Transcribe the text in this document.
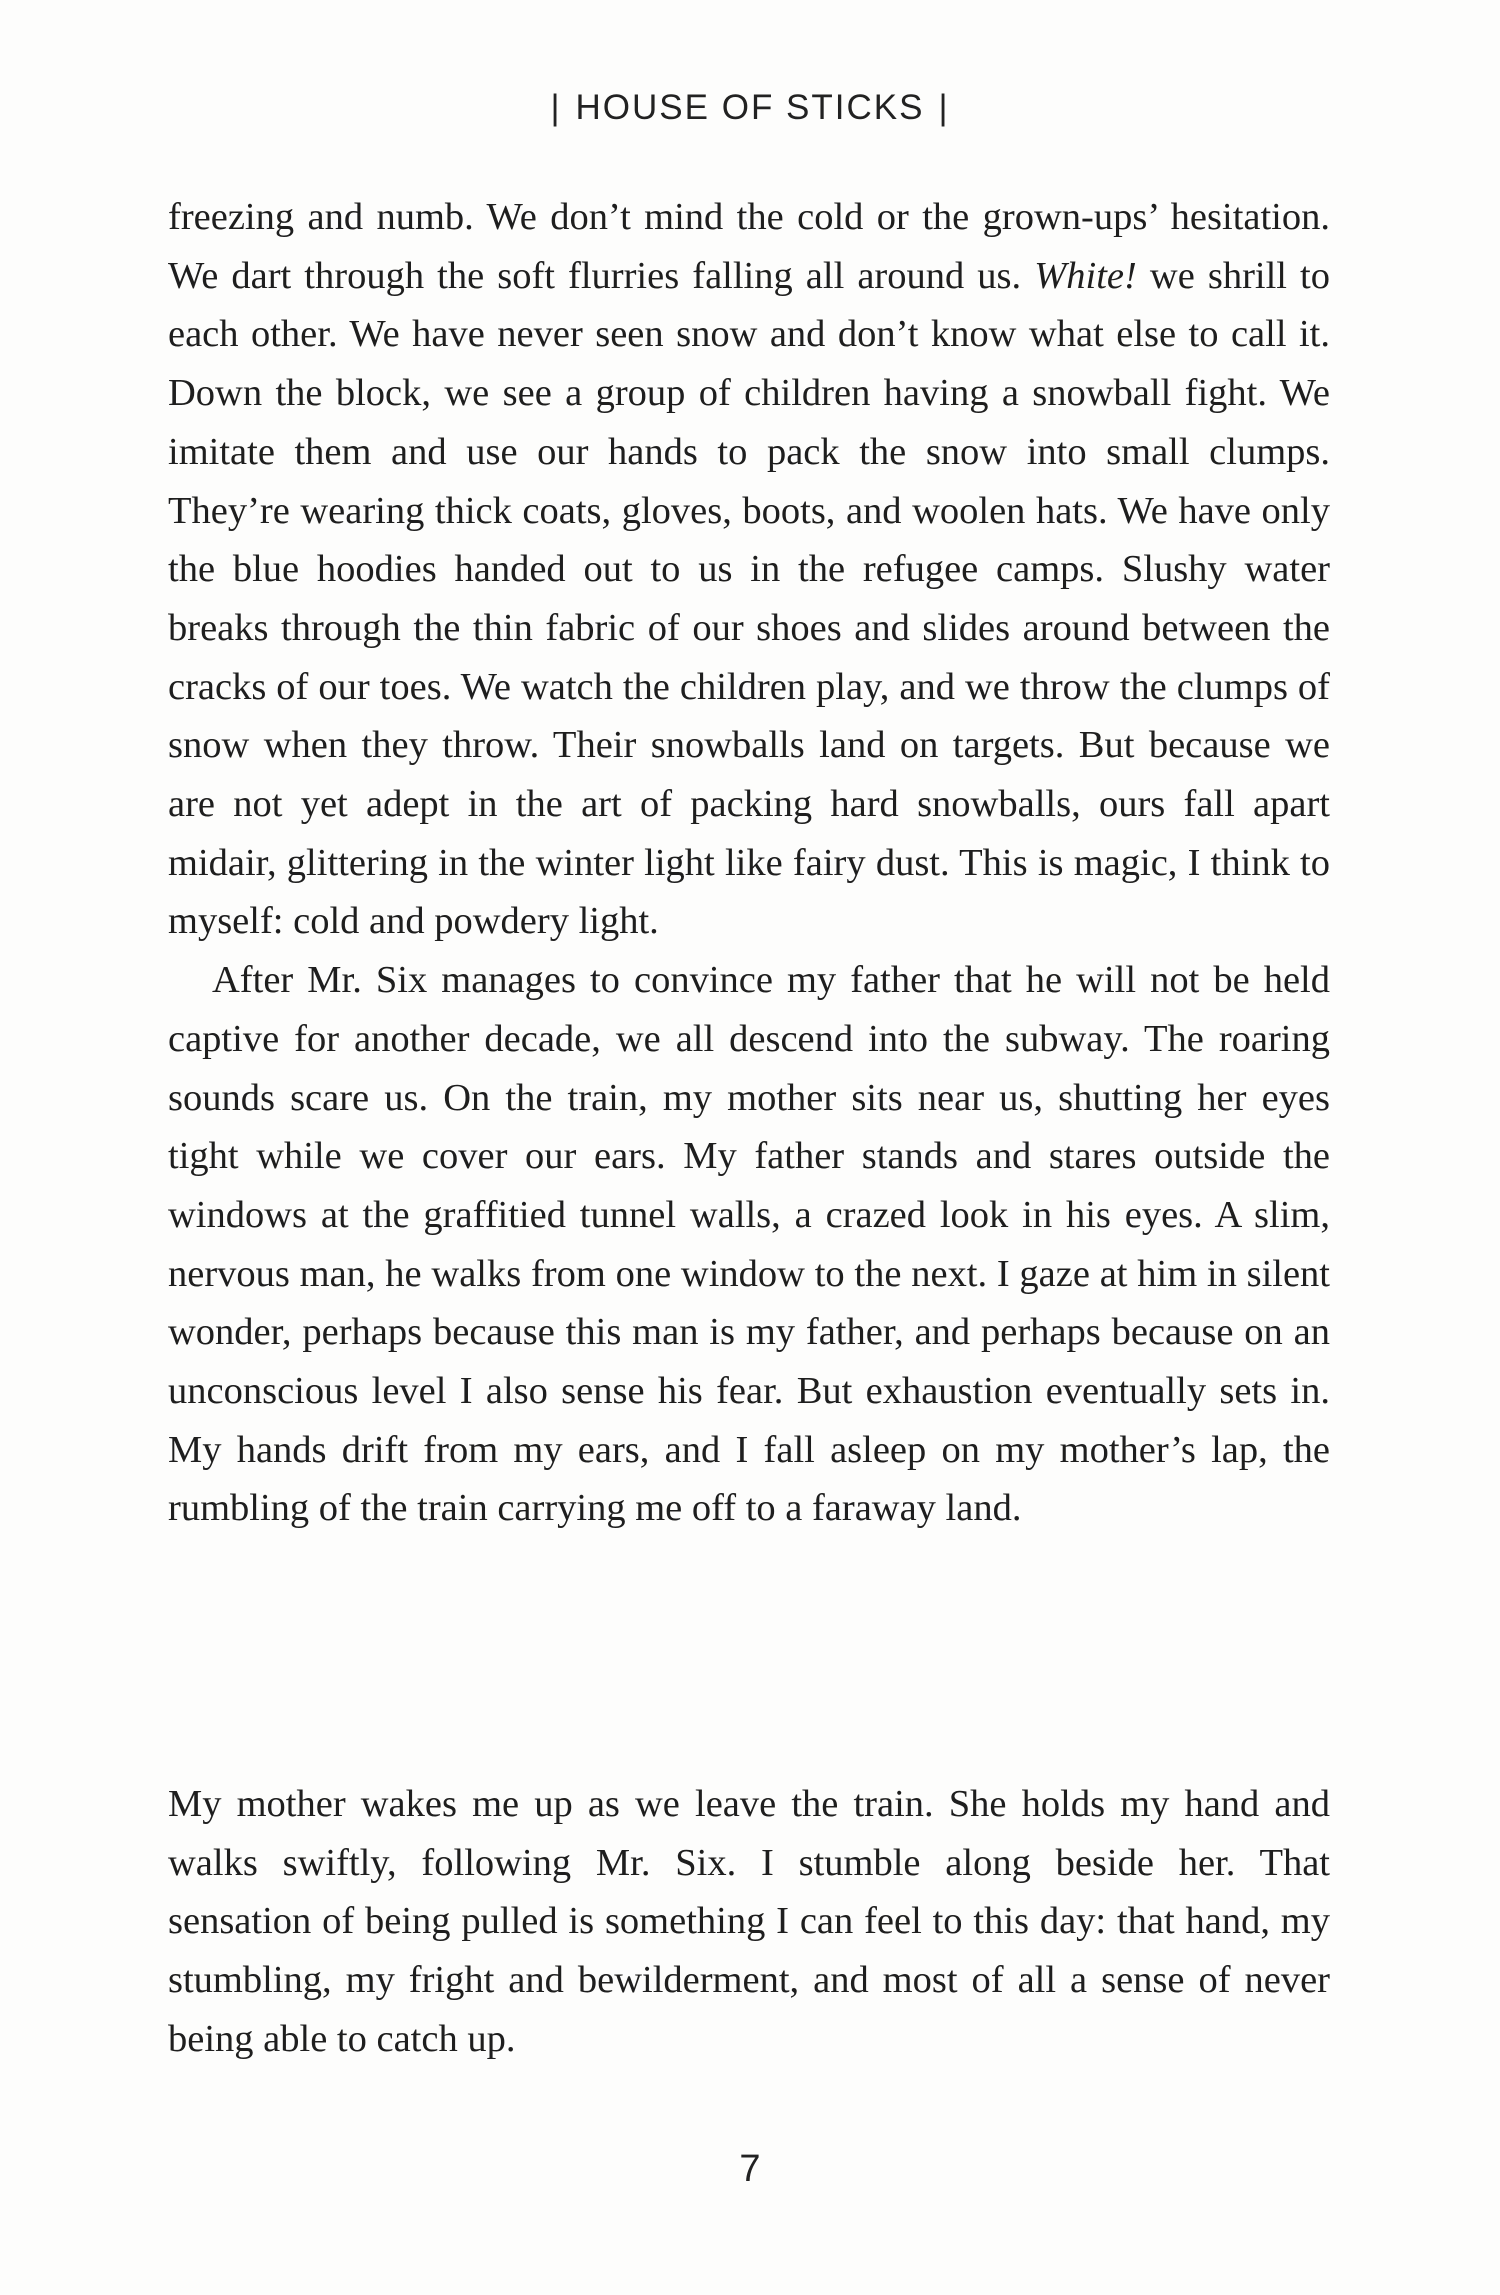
| HOUSE OF STICKS |

freezing and numb. We don’t mind the cold or the grown-ups’ hesitation. We dart through the soft flurries falling all around us. White! we shrill to each other. We have never seen snow and don’t know what else to call it. Down the block, we see a group of children having a snowball fight. We imitate them and use our hands to pack the snow into small clumps. They’re wearing thick coats, gloves, boots, and woolen hats. We have only the blue hoodies handed out to us in the refugee camps. Slushy water breaks through the thin fabric of our shoes and slides around between the cracks of our toes. We watch the children play, and we throw the clumps of snow when they throw. Their snowballs land on targets. But because we are not yet adept in the art of packing hard snowballs, ours fall apart midair, glittering in the winter light like fairy dust. This is magic, I think to myself: cold and powdery light.

After Mr. Six manages to convince my father that he will not be held captive for another decade, we all descend into the subway. The roaring sounds scare us. On the train, my mother sits near us, shutting her eyes tight while we cover our ears. My father stands and stares outside the windows at the graffitied tunnel walls, a crazed look in his eyes. A slim, nervous man, he walks from one window to the next. I gaze at him in silent wonder, perhaps because this man is my father, and perhaps because on an unconscious level I also sense his fear. But exhaustion eventually sets in. My hands drift from my ears, and I fall asleep on my mother’s lap, the rumbling of the train carrying me off to a faraway land.

My mother wakes me up as we leave the train. She holds my hand and walks swiftly, following Mr. Six. I stumble along beside her. That sensation of being pulled is something I can feel to this day: that hand, my stumbling, my fright and bewilderment, and most of all a sense of never being able to catch up.

7
